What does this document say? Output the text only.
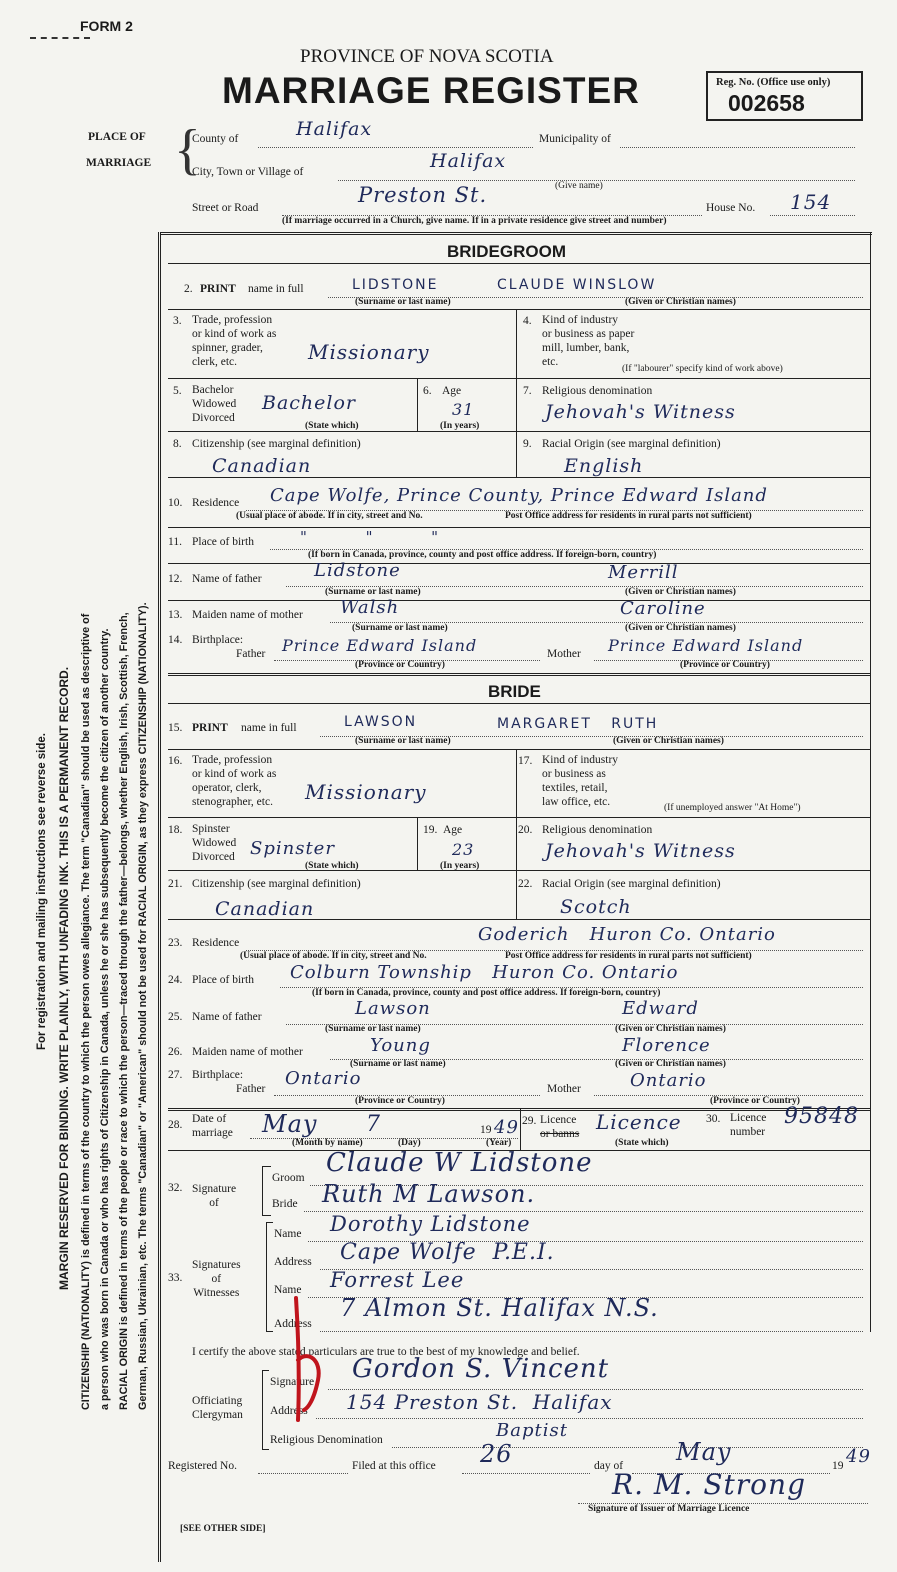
For registration and mailing instructions see reverse side. MARGIN RESERVED FOR BINDING. WRITE PLAINLY, WITH UNFADING INK. THIS IS A PERMANENT RECORD. CITIZENSHIP (NATIONALITY) is defined in terms of the country to which the person owes allegiance. The term "Canadian" should be used as descriptive of a person who was born in Canada or who has rights of Citizenship in Canada, unless he or she has subsequently become the citizen of another country. RACIAL ORIGIN is defined in terms of the people or race to which the person—traced through the father—belongs, whether English, Irish, Scottish, French, German, Russian, Ukrainian, etc. The terms "Canadian" or "American" should not be used for RACIAL ORIGIN, as they express CITIZENSHIP (NATIONALITY).
FORM 2
PROVINCE OF NOVA SCOTIA
MARRIAGE REGISTER	Reg. No. (Office use only)
002658
PLACE OF
MARRIAGE {
County of	Halifax	Municipality of
City, Town or Village of	Halifax
(Give name)
Street or Road
Preston St.
House No. 154
(If marriage occurred in a Church, give name. If in a private residence give street and number)
BRIDEGROOM
2. PRINT name in full	LIDSTONE	CLAUDE WINSLOW
(Surname or last name)	(Given or Christian names)
3. Trade, profession
or kind of work as
spinner, grader,
clerk, etc.	Missionary
4. Kind of industry
or business as paper
mill, lumber, bank,
etc.
(If "labourer" specify kind of work above)
5. Bachelor
Widowed
Divorced
Bachelor
(State which)
6. Age
31
(In years)
7. Religious denomination
Jehovah's Witness
8. Citizenship (see marginal definition)
Canadian
9. Racial Origin (see marginal definition)
English
10. Residence Cape Wolfe, Prince County, Prince Edward Island
(Usual place of abode. If in city, street and No.	Post Office address for residents in rural parts not sufficient)
11. Place of birth	"          "          "
(If born in Canada, province, county and post office address. If foreign-born, country)
12. Name of father	Lidstone	Merrill
(Surname or last name)	(Given or Christian names)
13. Maiden name of mother Walsh	Caroline
(Surname or last name)	(Given or Christian names)
14. Birthplace:
Father Prince Edward Island	Mother Prince Edward Island
(Province or Country)	(Province or Country)
BRIDE
15. PRINT name in full	LAWSON	MARGARET   RUTH
(Surname or last name)	(Given or Christian names)
16. Trade, profession
or kind of work as
operator, clerk,
stenographer, etc. Missionary
17. Kind of industry
or business as
textiles, retail,
law office, etc.	(If unemployed answer "At Home")
18. Spinster
Widowed
Divorced Spinster
(State which)
19. Age
23
(In years)
20. Religious denomination
Jehovah's Witness
21. Citizenship (see marginal definition)
Canadian
22. Racial Origin (see marginal definition)
Scotch
23. Residence	Goderich   Huron Co. Ontario
(Usual place of abode. If in city, street and No.	Post Office address for residents in rural parts not sufficient)
24. Place of birth Colburn Township   Huron Co. Ontario
(If born in Canada, province, county and post office address. If foreign-born, country)
25. Name of father	Lawson	Edward
(Surname or last name)	(Given or Christian names)
26. Maiden name of mother	Young	Florence
(Surname or last name)	(Given or Christian names)
27. Birthplace:
Father Ontario	Mother	Ontario
(Province or Country)	(Province or Country)
28. Date of
marriage May 7	19 49
(Month by name)	(Day)	(Year)
29. Licence
or banns Licence
(State which)
30. Licence
number
95848
32. Signature
of
Groom Claude W Lidstone
Bride Ruth M Lawson.
33.
Signatures
of
Witnesses
Name Dorothy Lidstone
Address Cape Wolfe  P.E.I.
Name Forrest Lee
Address
7 Almon St. Halifax N.S.
I certify the above stated particulars are true to the best of my knowledge and belief.
Officiating
Clergyman
Signature Gordon S. Vincent
Address 154 Preston St.  Halifax
Religious Denomination	Baptist
Registered No.	Filed at this office 26	day of May	19 49
R. M. Strong
Signature of Issuer of Marriage Licence
[SEE OTHER SIDE]
